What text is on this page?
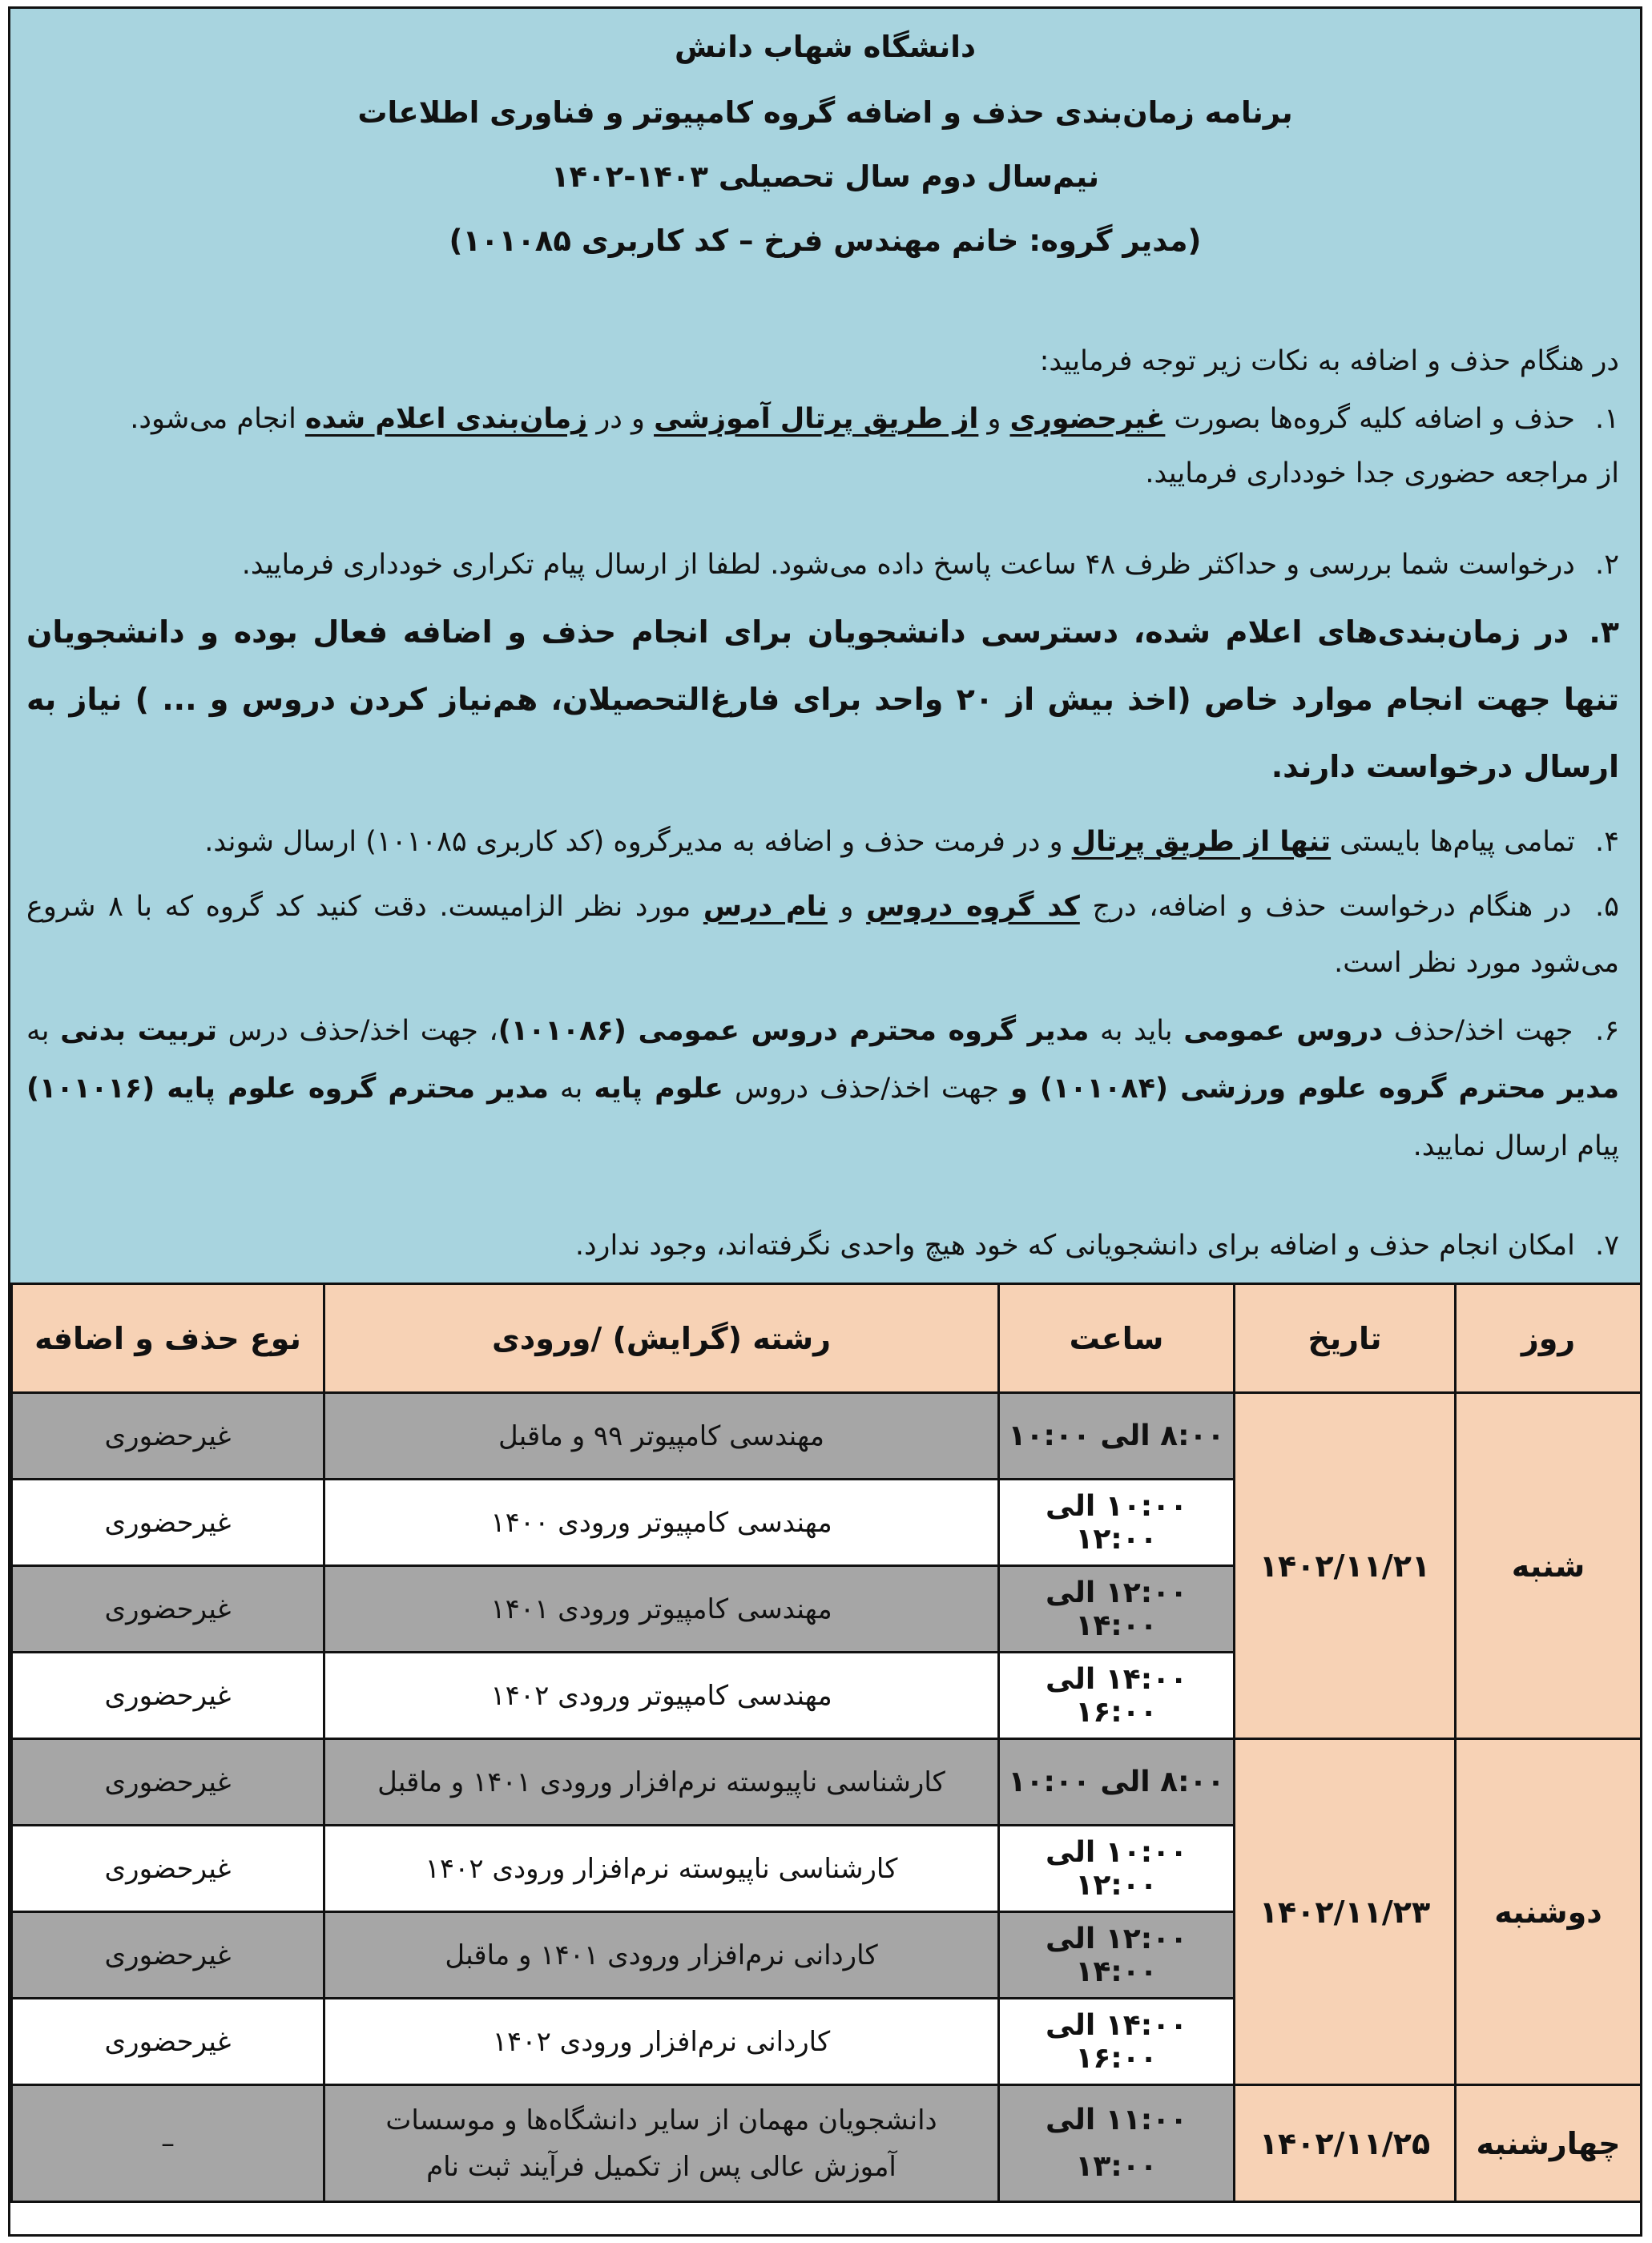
دانشگاه شهاب دانش
برنامه زمان‌بندی حذف و اضافه گروه کامپیوتر و فناوری اطلاعات
نیم‌سال دوم سال تحصیلی ۱۴۰۳-۱۴۰۲
(مدیر گروه: خانم مهندس فرخ – کد کاربری ۱۰۱۰۸۵)
در هنگام حذف و اضافه به نکات زیر توجه فرمایید:
۱. حذف و اضافه کلیه گروه‌ها بصورت غیرحضوری و از طریق پرتال آموزشی و در زمان‌بندی اعلام شده انجام می‌شود.
از مراجعه حضوری جدا خودداری فرمایید.
۲. درخواست شما بررسی و حداکثر ظرف ۴۸ ساعت پاسخ داده می‌شود. لطفا از ارسال پیام تکراری خودداری فرمایید.
۳. در زمان‌بندی‌های اعلام شده، دسترسی دانشجویان برای انجام حذف و اضافه فعال بوده و دانشجویان تنها جهت انجام موارد خاص (اخذ بیش از ۲۰ واحد برای فارغ‌التحصیلان، هم‌نیاز کردن دروس و ... ) نیاز به ارسال درخواست دارند.
۴. تمامی پیام‌ها بایستی تنها از طریق پرتال و در فرمت حذف و اضافه به مدیرگروه (کد کاربری ۱۰۱۰۸۵) ارسال شوند.
۵. در هنگام درخواست حذف و اضافه، درج کد گروه دروس و نام درس مورد نظر الزامیست. دقت کنید کد گروه که با ۸ شروع می‌شود مورد نظر است.
۶. جهت اخذ/حذف دروس عمومی باید به مدیر گروه محترم دروس عمومی (۱۰۱۰۸۶)، جهت اخذ/حذف درس تربیت بدنی به مدیر محترم گروه علوم ورزشی (۱۰۱۰۸۴) و جهت اخذ/حذف دروس علوم پایه به مدیر محترم گروه علوم پایه (۱۰۱۰۱۶) پیام ارسال نمایید.
۷. امکان انجام حذف و اضافه برای دانشجویانی که خود هیچ واحدی نگرفته‌اند، وجود ندارد.
روز	تاریخ	ساعت	رشته (گرایش) /ورودی	نوع حذف و اضافه
شنبه	۱۴۰۲/۱۱/۲۱	۸:۰۰ الی ۱۰:۰۰	مهندسی کامپیوتر ۹۹ و ماقبل	غیرحضوری
		۱۰:۰۰ الی ۱۲:۰۰	مهندسی کامپیوتر ورودی ۱۴۰۰	غیرحضوری
		۱۲:۰۰ الی ۱۴:۰۰	مهندسی کامپیوتر ورودی ۱۴۰۱	غیرحضوری
		۱۴:۰۰ الی ۱۶:۰۰	مهندسی کامپیوتر ورودی ۱۴۰۲	غیرحضوری
دوشنبه	۱۴۰۲/۱۱/۲۳	۸:۰۰ الی ۱۰:۰۰	کارشناسی ناپیوسته نرم‌افزار ورودی ۱۴۰۱ و ماقبل	غیرحضوری
		۱۰:۰۰ الی ۱۲:۰۰	کارشناسی ناپیوسته نرم‌افزار ورودی ۱۴۰۲	غیرحضوری
		۱۲:۰۰ الی ۱۴:۰۰	کاردانی نرم‌افزار ورودی ۱۴۰۱ و ماقبل	غیرحضوری
		۱۴:۰۰ الی ۱۶:۰۰	کاردانی نرم‌افزار ورودی ۱۴۰۲	غیرحضوری
چهارشنبه	۱۴۰۲/۱۱/۲۵	۱۱:۰۰ الی ۱۳:۰۰	دانشجویان مهمان از سایر دانشگاه‌ها و موسسات
آموزش عالی پس از تکمیل فرآیند ثبت نام	–
